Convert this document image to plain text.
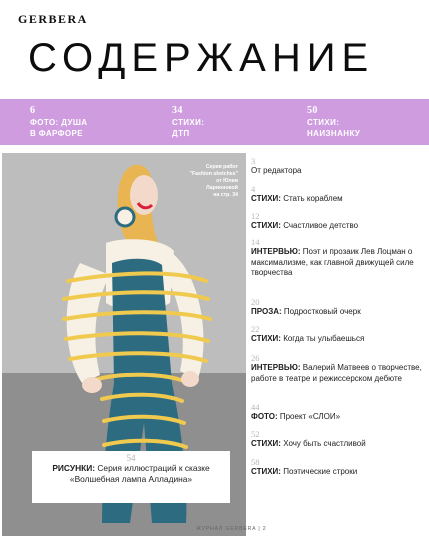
GERBERA
СОДЕРЖАНИЕ
6
ФОТО: ДУША
В ФАРФОРЕ
34
СТИХИ:
ДТП
50
СТИХИ:
НАИЗНАНКУ
Серия работ
"Fashion sketches"
от Юлии
Ларионовой
на стр. 34
54
РИСУНКИ: Серия иллюстраций к сказке «Волшебная лампа Алладина»
3
От редактора
4
СТИХИ: Стать кораблем
12
СТИХИ: Счастливое детство
14
ИНТЕРВЬЮ: Поэт и прозаик Лев Лоцман о максимализме, как главной движущей силе творчества
20
ПРОЗА: Подростковый очерк
22
СТИХИ: Когда ты улыбаешься
26
ИНТЕРВЬЮ: Валерий Матвеев о творчестве, работе в театре и режиссерском дебюте
44
ФОТО: Проект «СЛОИ»
52
СТИХИ: Хочу быть счастливой
58
СТИХИ: Поэтические строки
ЖУРНАЛ GERBERA | 2
